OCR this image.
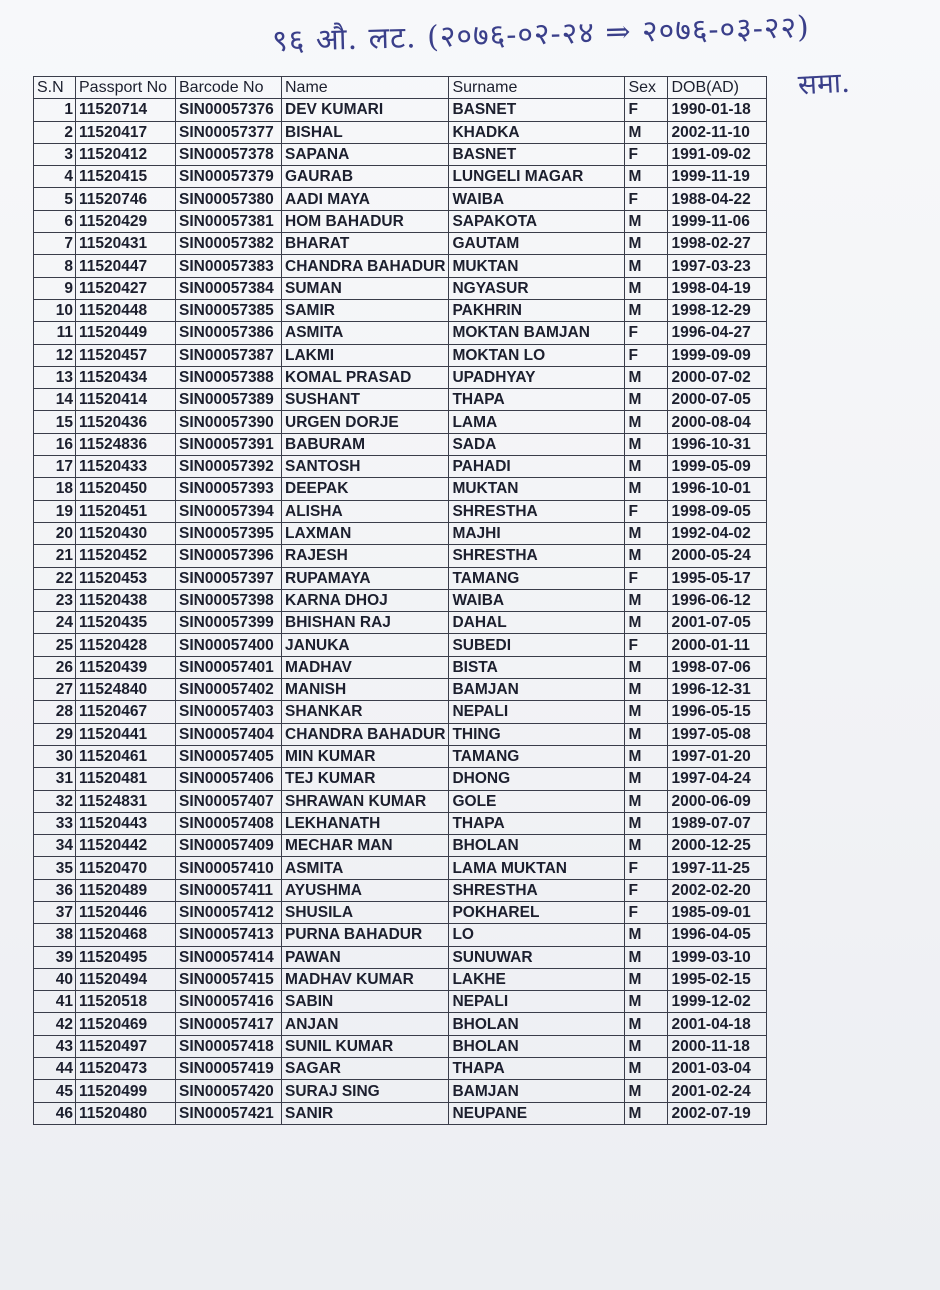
९६ औ. लट. (२०७६-०२-२४ ⇒ २०७६-०३-२२)
समा.
S.N	Passport No	Barcode No	Name	Surname	Sex	DOB(AD)
1	11520714	SIN00057376	DEV KUMARI	BASNET	F	1990-01-18
2	11520417	SIN00057377	BISHAL	KHADKA	M	2002-11-10
3	11520412	SIN00057378	SAPANA	BASNET	F	1991-09-02
4	11520415	SIN00057379	GAURAB	LUNGELI MAGAR	M	1999-11-19
5	11520746	SIN00057380	AADI MAYA	WAIBA	F	1988-04-22
6	11520429	SIN00057381	HOM BAHADUR	SAPAKOTA	M	1999-11-06
7	11520431	SIN00057382	BHARAT	GAUTAM	M	1998-02-27
8	11520447	SIN00057383	CHANDRA BAHADUR	MUKTAN	M	1997-03-23
9	11520427	SIN00057384	SUMAN	NGYASUR	M	1998-04-19
10	11520448	SIN00057385	SAMIR	PAKHRIN	M	1998-12-29
11	11520449	SIN00057386	ASMITA	MOKTAN BAMJAN	F	1996-04-27
12	11520457	SIN00057387	LAKMI	MOKTAN LO	F	1999-09-09
13	11520434	SIN00057388	KOMAL PRASAD	UPADHYAY	M	2000-07-02
14	11520414	SIN00057389	SUSHANT	THAPA	M	2000-07-05
15	11520436	SIN00057390	URGEN DORJE	LAMA	M	2000-08-04
16	11524836	SIN00057391	BABURAM	SADA	M	1996-10-31
17	11520433	SIN00057392	SANTOSH	PAHADI	M	1999-05-09
18	11520450	SIN00057393	DEEPAK	MUKTAN	M	1996-10-01
19	11520451	SIN00057394	ALISHA	SHRESTHA	F	1998-09-05
20	11520430	SIN00057395	LAXMAN	MAJHI	M	1992-04-02
21	11520452	SIN00057396	RAJESH	SHRESTHA	M	2000-05-24
22	11520453	SIN00057397	RUPAMAYA	TAMANG	F	1995-05-17
23	11520438	SIN00057398	KARNA DHOJ	WAIBA	M	1996-06-12
24	11520435	SIN00057399	BHISHAN RAJ	DAHAL	M	2001-07-05
25	11520428	SIN00057400	JANUKA	SUBEDI	F	2000-01-11
26	11520439	SIN00057401	MADHAV	BISTA	M	1998-07-06
27	11524840	SIN00057402	MANISH	BAMJAN	M	1996-12-31
28	11520467	SIN00057403	SHANKAR	NEPALI	M	1996-05-15
29	11520441	SIN00057404	CHANDRA BAHADUR	THING	M	1997-05-08
30	11520461	SIN00057405	MIN KUMAR	TAMANG	M	1997-01-20
31	11520481	SIN00057406	TEJ KUMAR	DHONG	M	1997-04-24
32	11524831	SIN00057407	SHRAWAN KUMAR	GOLE	M	2000-06-09
33	11520443	SIN00057408	LEKHANATH	THAPA	M	1989-07-07
34	11520442	SIN00057409	MECHAR MAN	BHOLAN	M	2000-12-25
35	11520470	SIN00057410	ASMITA	LAMA MUKTAN	F	1997-11-25
36	11520489	SIN00057411	AYUSHMA	SHRESTHA	F	2002-02-20
37	11520446	SIN00057412	SHUSILA	POKHAREL	F	1985-09-01
38	11520468	SIN00057413	PURNA BAHADUR	LO	M	1996-04-05
39	11520495	SIN00057414	PAWAN	SUNUWAR	M	1999-03-10
40	11520494	SIN00057415	MADHAV KUMAR	LAKHE	M	1995-02-15
41	11520518	SIN00057416	SABIN	NEPALI	M	1999-12-02
42	11520469	SIN00057417	ANJAN	BHOLAN	M	2001-04-18
43	11520497	SIN00057418	SUNIL KUMAR	BHOLAN	M	2000-11-18
44	11520473	SIN00057419	SAGAR	THAPA	M	2001-03-04
45	11520499	SIN00057420	SURAJ SING	BAMJAN	M	2001-02-24
46	11520480	SIN00057421	SANIR	NEUPANE	M	2002-07-19
